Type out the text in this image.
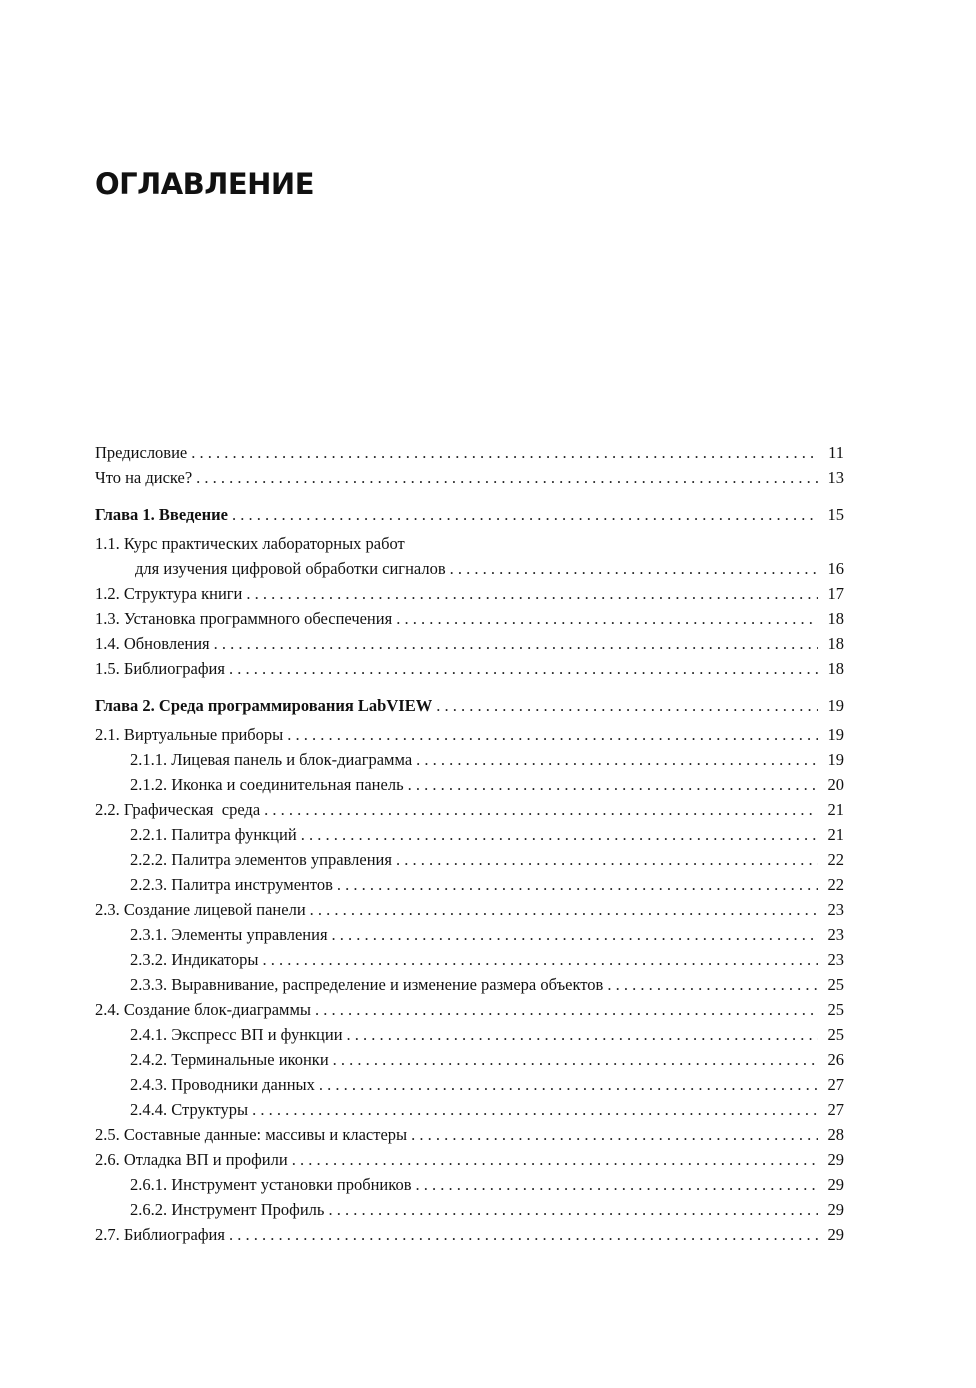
ОГЛАВЛЕНИЕ
Предисловие . . .	11
Что на диске? . . .	13
Глава 1. Введение . . .	15
1.1. Курс практических лабораторных работ
для изучения цифровой обработки сигналов . . .	16
1.2. Структура книги . . .	17
1.3. Установка программного обеспечения . . .	18
1.4. Обновления . . .	18
1.5. Библиография . . .	18
Глава 2. Среда программирования LabVIEW . . .	19
2.1. Виртуальные приборы . . .	19
2.1.1. Лицевая панель и блок-диаграмма . . .	19
2.1.2. Иконка и соединительная панель . . .	20
2.2. Графическая  среда . . .	21
2.2.1. Палитра функций . . .	21
2.2.2. Палитра элементов управления . . .	22
2.2.3. Палитра инструментов . . .	22
2.3. Создание лицевой панели . . .	23
2.3.1. Элементы управления . . .	23
2.3.2. Индикаторы . . .	23
2.3.3. Выравнивание, распределение и изменение размера объектов . . .	25
2.4. Создание блок-диаграммы . . .	25
2.4.1. Экспресс ВП и функции . . .	25
2.4.2. Терминальные иконки . . .	26
2.4.3. Проводники данных . . .	27
2.4.4. Структуры . . .	27
2.5. Составные данные: массивы и кластеры . . .	28
2.6. Отладка ВП и профили . . .	29
2.6.1. Инструмент установки пробников . . .	29
2.6.2. Инструмент Профиль . . .	29
2.7. Библиография . . .	29
